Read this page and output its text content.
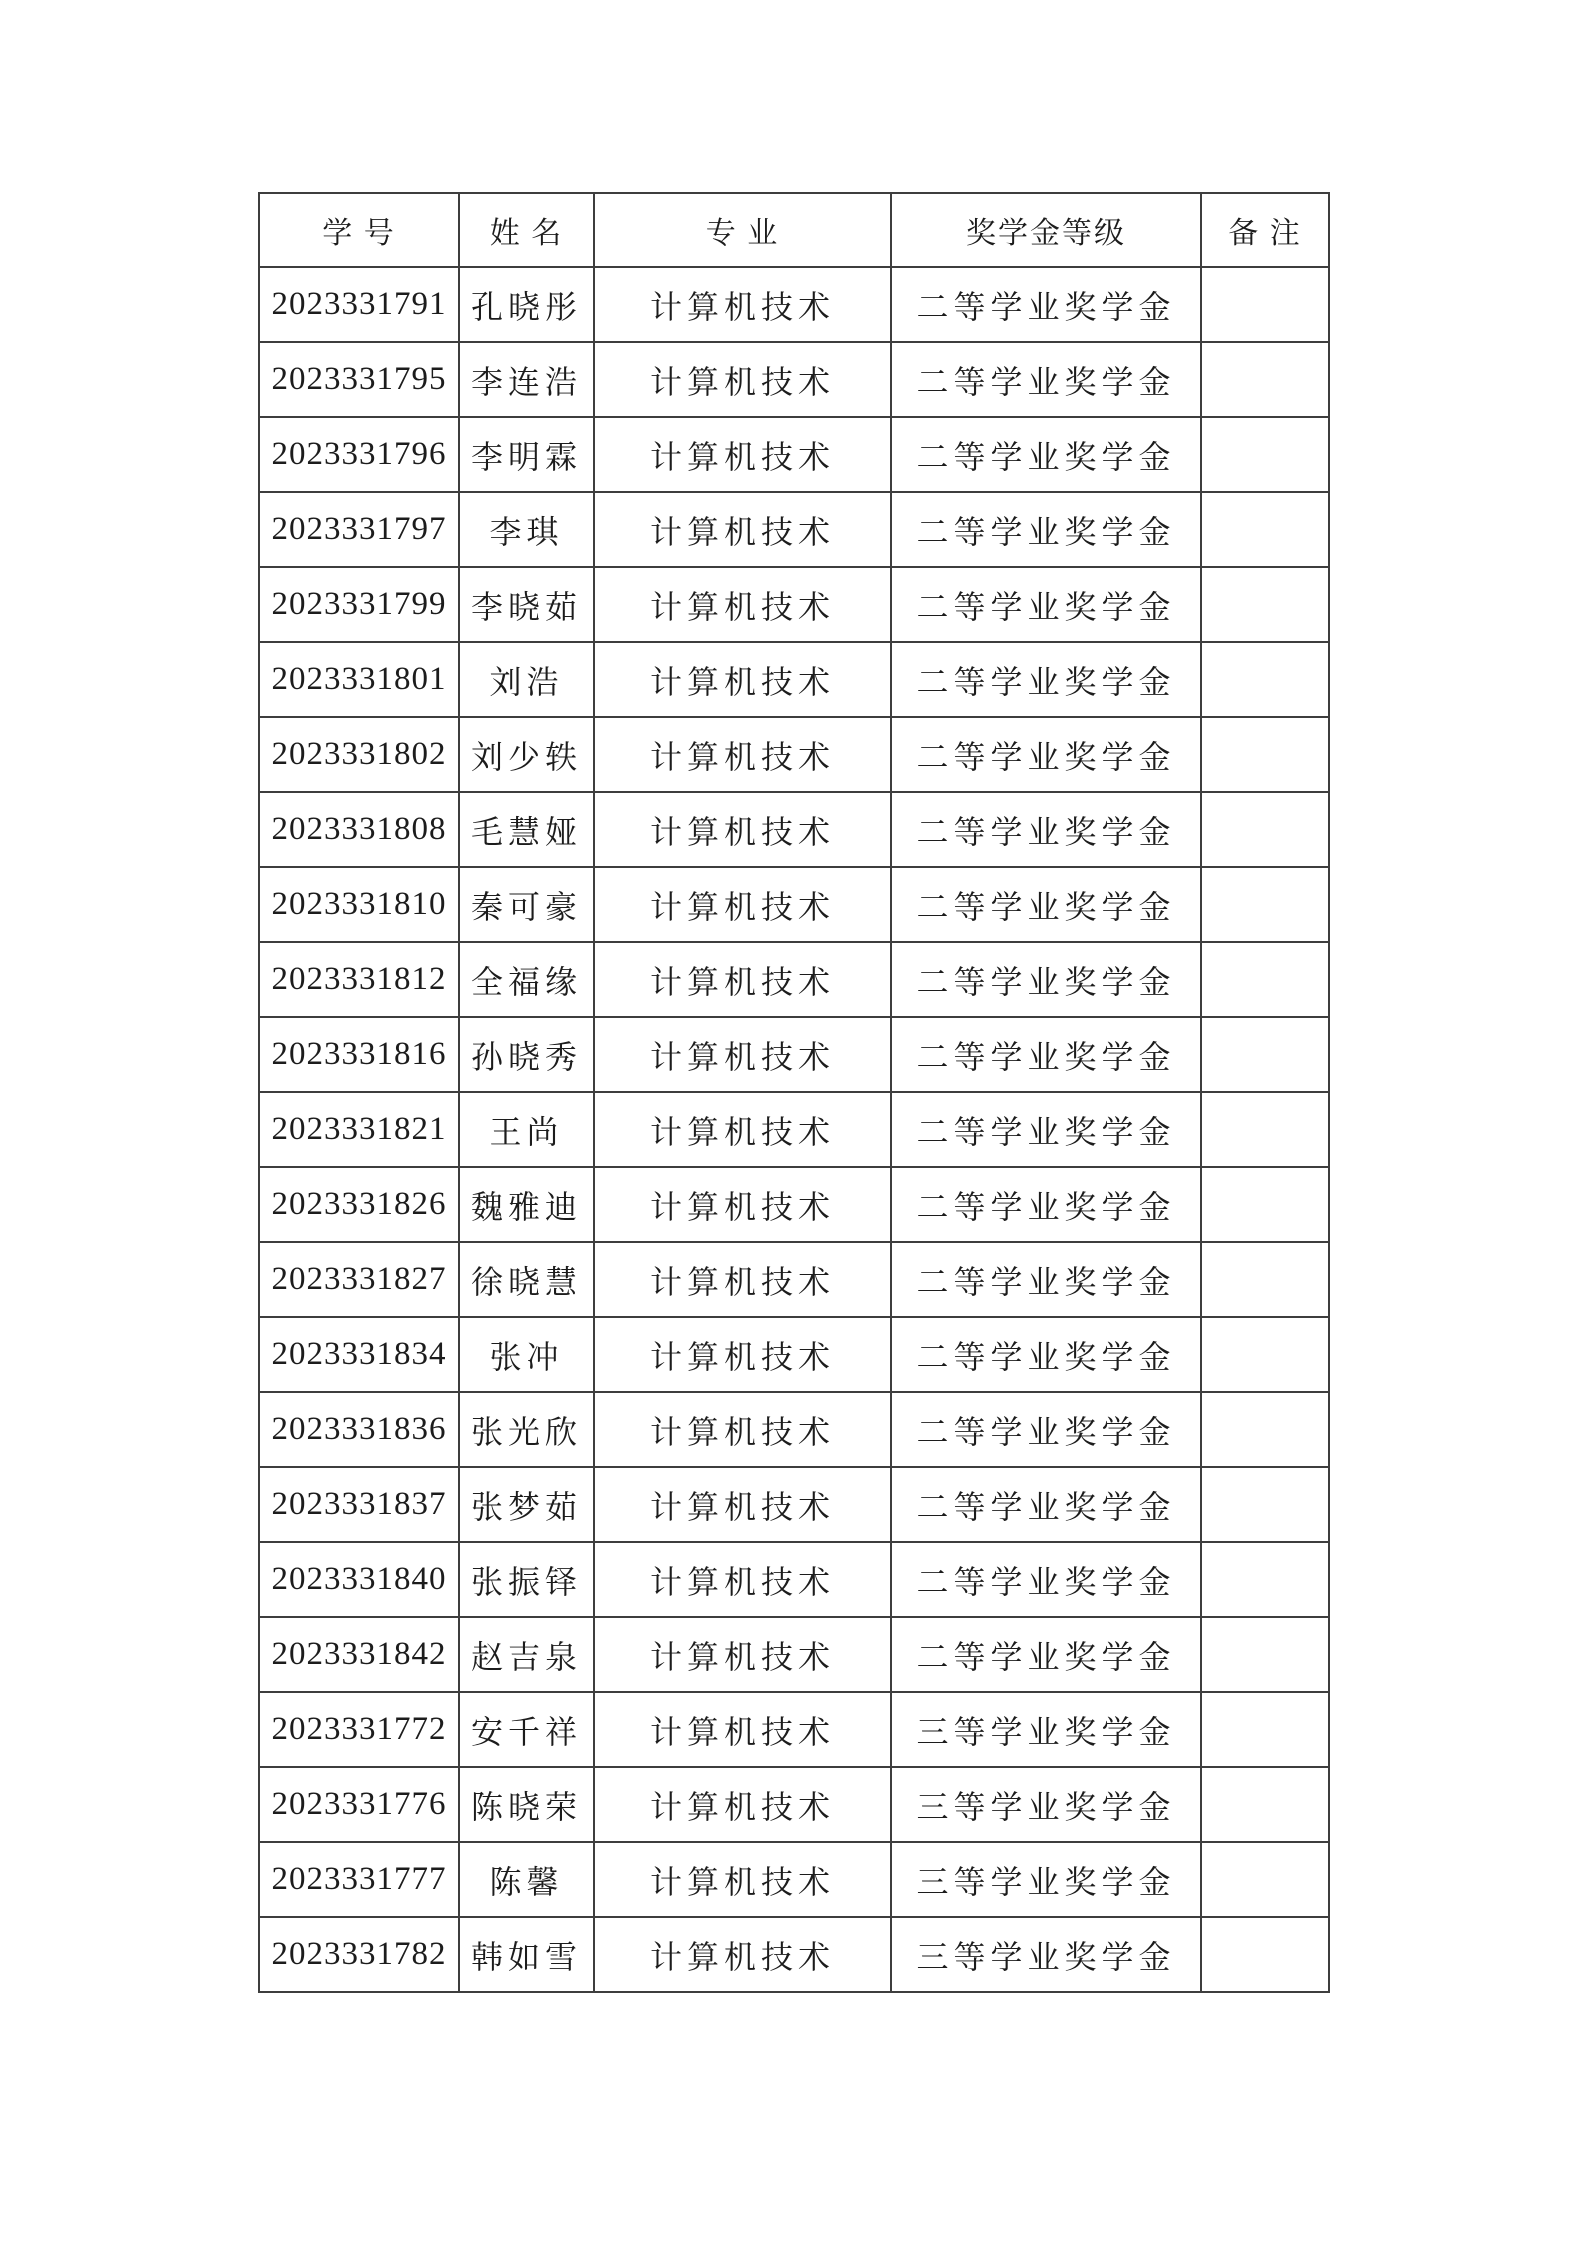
学 号	姓 名	专 业	奖学金等级	备 注
2023331791	孔晓彤	计算机技术	二等学业奖学金	
2023331795	李连浩	计算机技术	二等学业奖学金	
2023331796	李明霖	计算机技术	二等学业奖学金	
2023331797	李琪	计算机技术	二等学业奖学金	
2023331799	李晓茹	计算机技术	二等学业奖学金	
2023331801	刘浩	计算机技术	二等学业奖学金	
2023331802	刘少轶	计算机技术	二等学业奖学金	
2023331808	毛慧娅	计算机技术	二等学业奖学金	
2023331810	秦可豪	计算机技术	二等学业奖学金	
2023331812	全福缘	计算机技术	二等学业奖学金	
2023331816	孙晓秀	计算机技术	二等学业奖学金	
2023331821	王尚	计算机技术	二等学业奖学金	
2023331826	魏雅迪	计算机技术	二等学业奖学金	
2023331827	徐晓慧	计算机技术	二等学业奖学金	
2023331834	张冲	计算机技术	二等学业奖学金	
2023331836	张光欣	计算机技术	二等学业奖学金	
2023331837	张梦茹	计算机技术	二等学业奖学金	
2023331840	张振铎	计算机技术	二等学业奖学金	
2023331842	赵吉泉	计算机技术	二等学业奖学金	
2023331772	安千祥	计算机技术	三等学业奖学金	
2023331776	陈晓荣	计算机技术	三等学业奖学金	
2023331777	陈馨	计算机技术	三等学业奖学金	
2023331782	韩如雪	计算机技术	三等学业奖学金	
